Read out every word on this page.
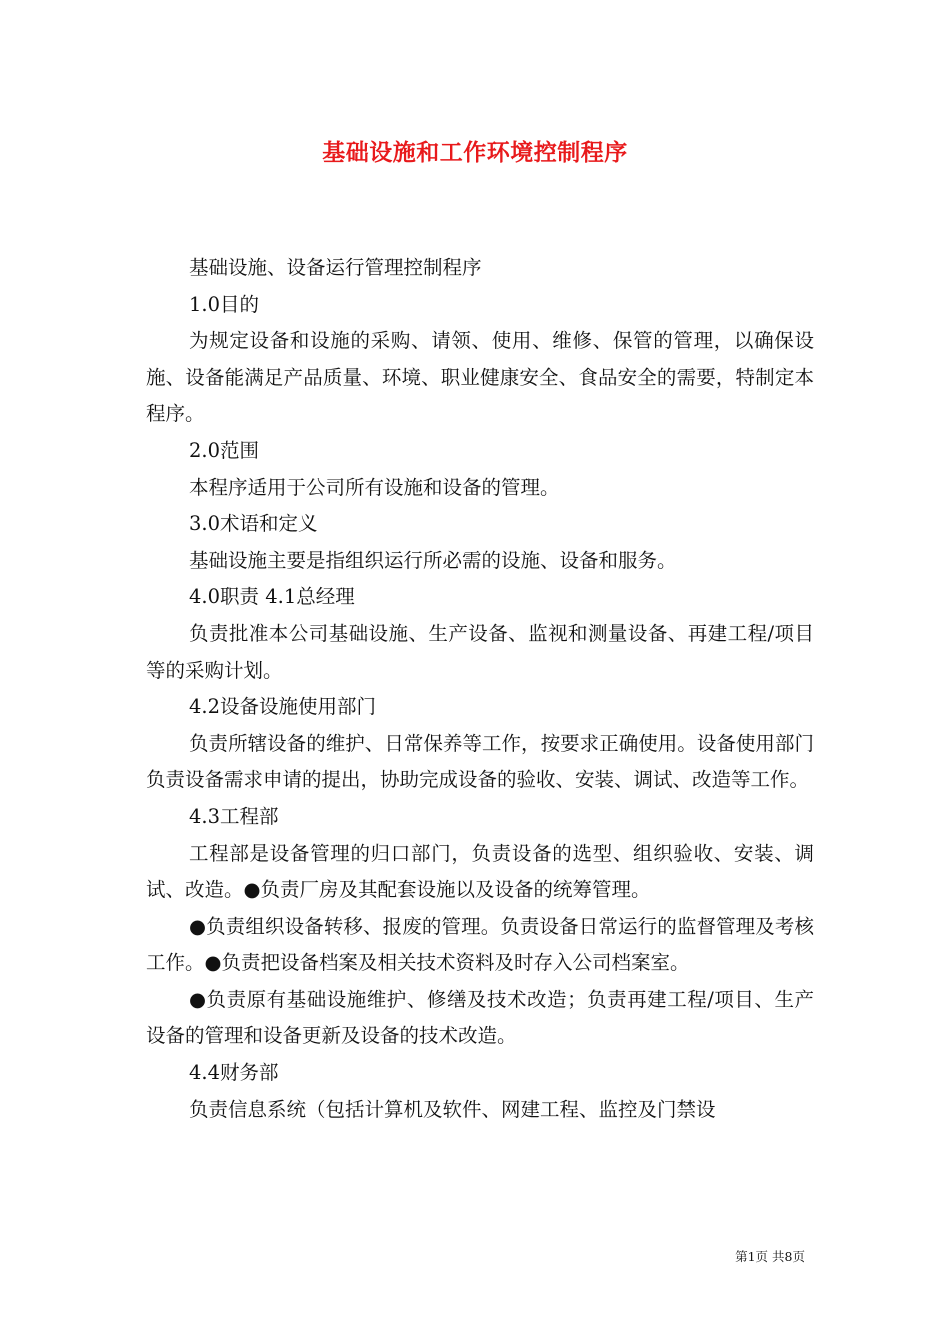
基础设施和工作环境控制程序

基础设施、设备运行管理控制程序

1.0目的

为规定设备和设施的采购、请领、使用、维修、保管的管理，以确保设施、设备能满足产品质量、环境、职业健康安全、食品安全的需要，特制定本程序。

2.0范围

本程序适用于公司所有设施和设备的管理。

3.0术语和定义

基础设施主要是指组织运行所必需的设施、设备和服务。

4.0职责 4.1总经理

负责批准本公司基础设施、生产设备、监视和测量设备、再建工程/项目等的采购计划。

4.2设备设施使用部门

负责所辖设备的维护、日常保养等工作，按要求正确使用。设备使用部门负责设备需求申请的提出，协助完成设备的验收、安装、调试、改造等工作。

4.3工程部

工程部是设备管理的归口部门，负责设备的选型、组织验收、安装、调试、改造。●负责厂房及其配套设施以及设备的统筹管理。

●负责组织设备转移、报废的管理。负责设备日常运行的监督管理及考核工作。●负责把设备档案及相关技术资料及时存入公司档案室。

●负责原有基础设施维护、修缮及技术改造；负责再建工程/项目、生产设备的管理和设备更新及设备的技术改造。

4.4财务部

负责信息系统（包括计算机及软件、网建工程、监控及门禁设

第1页 共8页
